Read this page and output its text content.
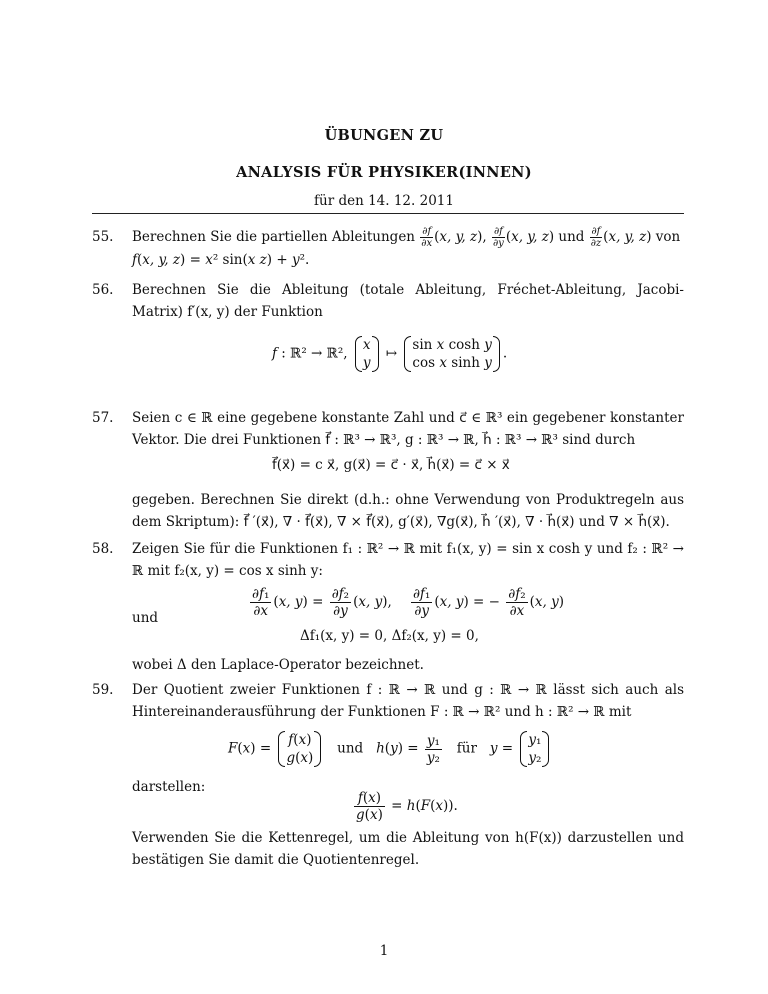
ÜBUNGEN ZU
ANALYSIS FÜR PHYSIKER(INNEN)
für den 14. 12. 2011
55. Berechnen Sie die partiellen Ableitungen $\frac{\partial f}{\partial x} (x$, y, z), $\frac{\partial f}{\partial y} (x$, y, z) und $\frac{\partial f}{\partial z} (x$, y, z) von
f(x, y, z) = x² sin(x z) + y².
56. Berechnen Sie die Ableitung (totale Ableitung, Fréchet-Ableitung, Jacobi-Matrix) f′(x, y) der Funktion
f : ℝ² → ℝ²,
x
y
↦
sin x cosh y
cos x sinh y
.
57. Seien c ∈ ℝ eine gegebene konstante Zahl und c⃗ ∈ ℝ³ ein gegebener konstanter Vektor. Die drei Funktionen f⃗ : ℝ³ → ℝ³, g : ℝ³ → ℝ, h⃗ : ℝ³ → ℝ³ sind durch
f⃗(x⃗) = c x⃗, g(x⃗) = c⃗ · x⃗, h⃗(x⃗) = c⃗ × x⃗
gegeben. Berechnen Sie direkt (d.h.: ohne Verwendung von Produktregeln aus dem Skriptum): f⃗ ′(x⃗), ∇ · f⃗(x⃗), ∇ × f⃗(x⃗), g′(x⃗), ∇g(x⃗), h⃗ ′(x⃗), ∇ · h⃗(x⃗) und ∇ × h⃗(x⃗).
58. Zeigen Sie für die Funktionen f₁ : ℝ² → ℝ mit f₁(x, y) = sin x cosh y und f₂ : ℝ² → ℝ mit f₂(x, y) = cos x sinh y:
$\frac{\text{∂f₁}}{\partial x} (x$, $y) = \frac{\text{∂f₂}}{\partial y} (x$, y), $\frac{\text{∂f₁}}{\partial y} (x$, y) = − $\frac{\text{∂f₂}}{\partial x} (x$, y)
und
Δf₁(x, y) = 0, Δf₂(x, y) = 0,
wobei Δ den Laplace-Operator bezeichnet.
59. Der Quotient zweier Funktionen f : ℝ → ℝ und g : ℝ → ℝ lässt sich auch als Hintereinanderausführung der Funktionen F : ℝ → ℝ² und h : ℝ² → ℝ mit
F(x) =
f(x)
g(x)
und   $h(y) = \frac{\text{y₁}}{\text{y₂}}$ für   y =
y₁
y₂
darstellen:
$\frac{f(x)}{g(x)} = h(F(x))$.
Verwenden Sie die Kettenregel, um die Ableitung von h(F(x)) darzustellen und bestätigen Sie damit die Quotientenregel.
1
